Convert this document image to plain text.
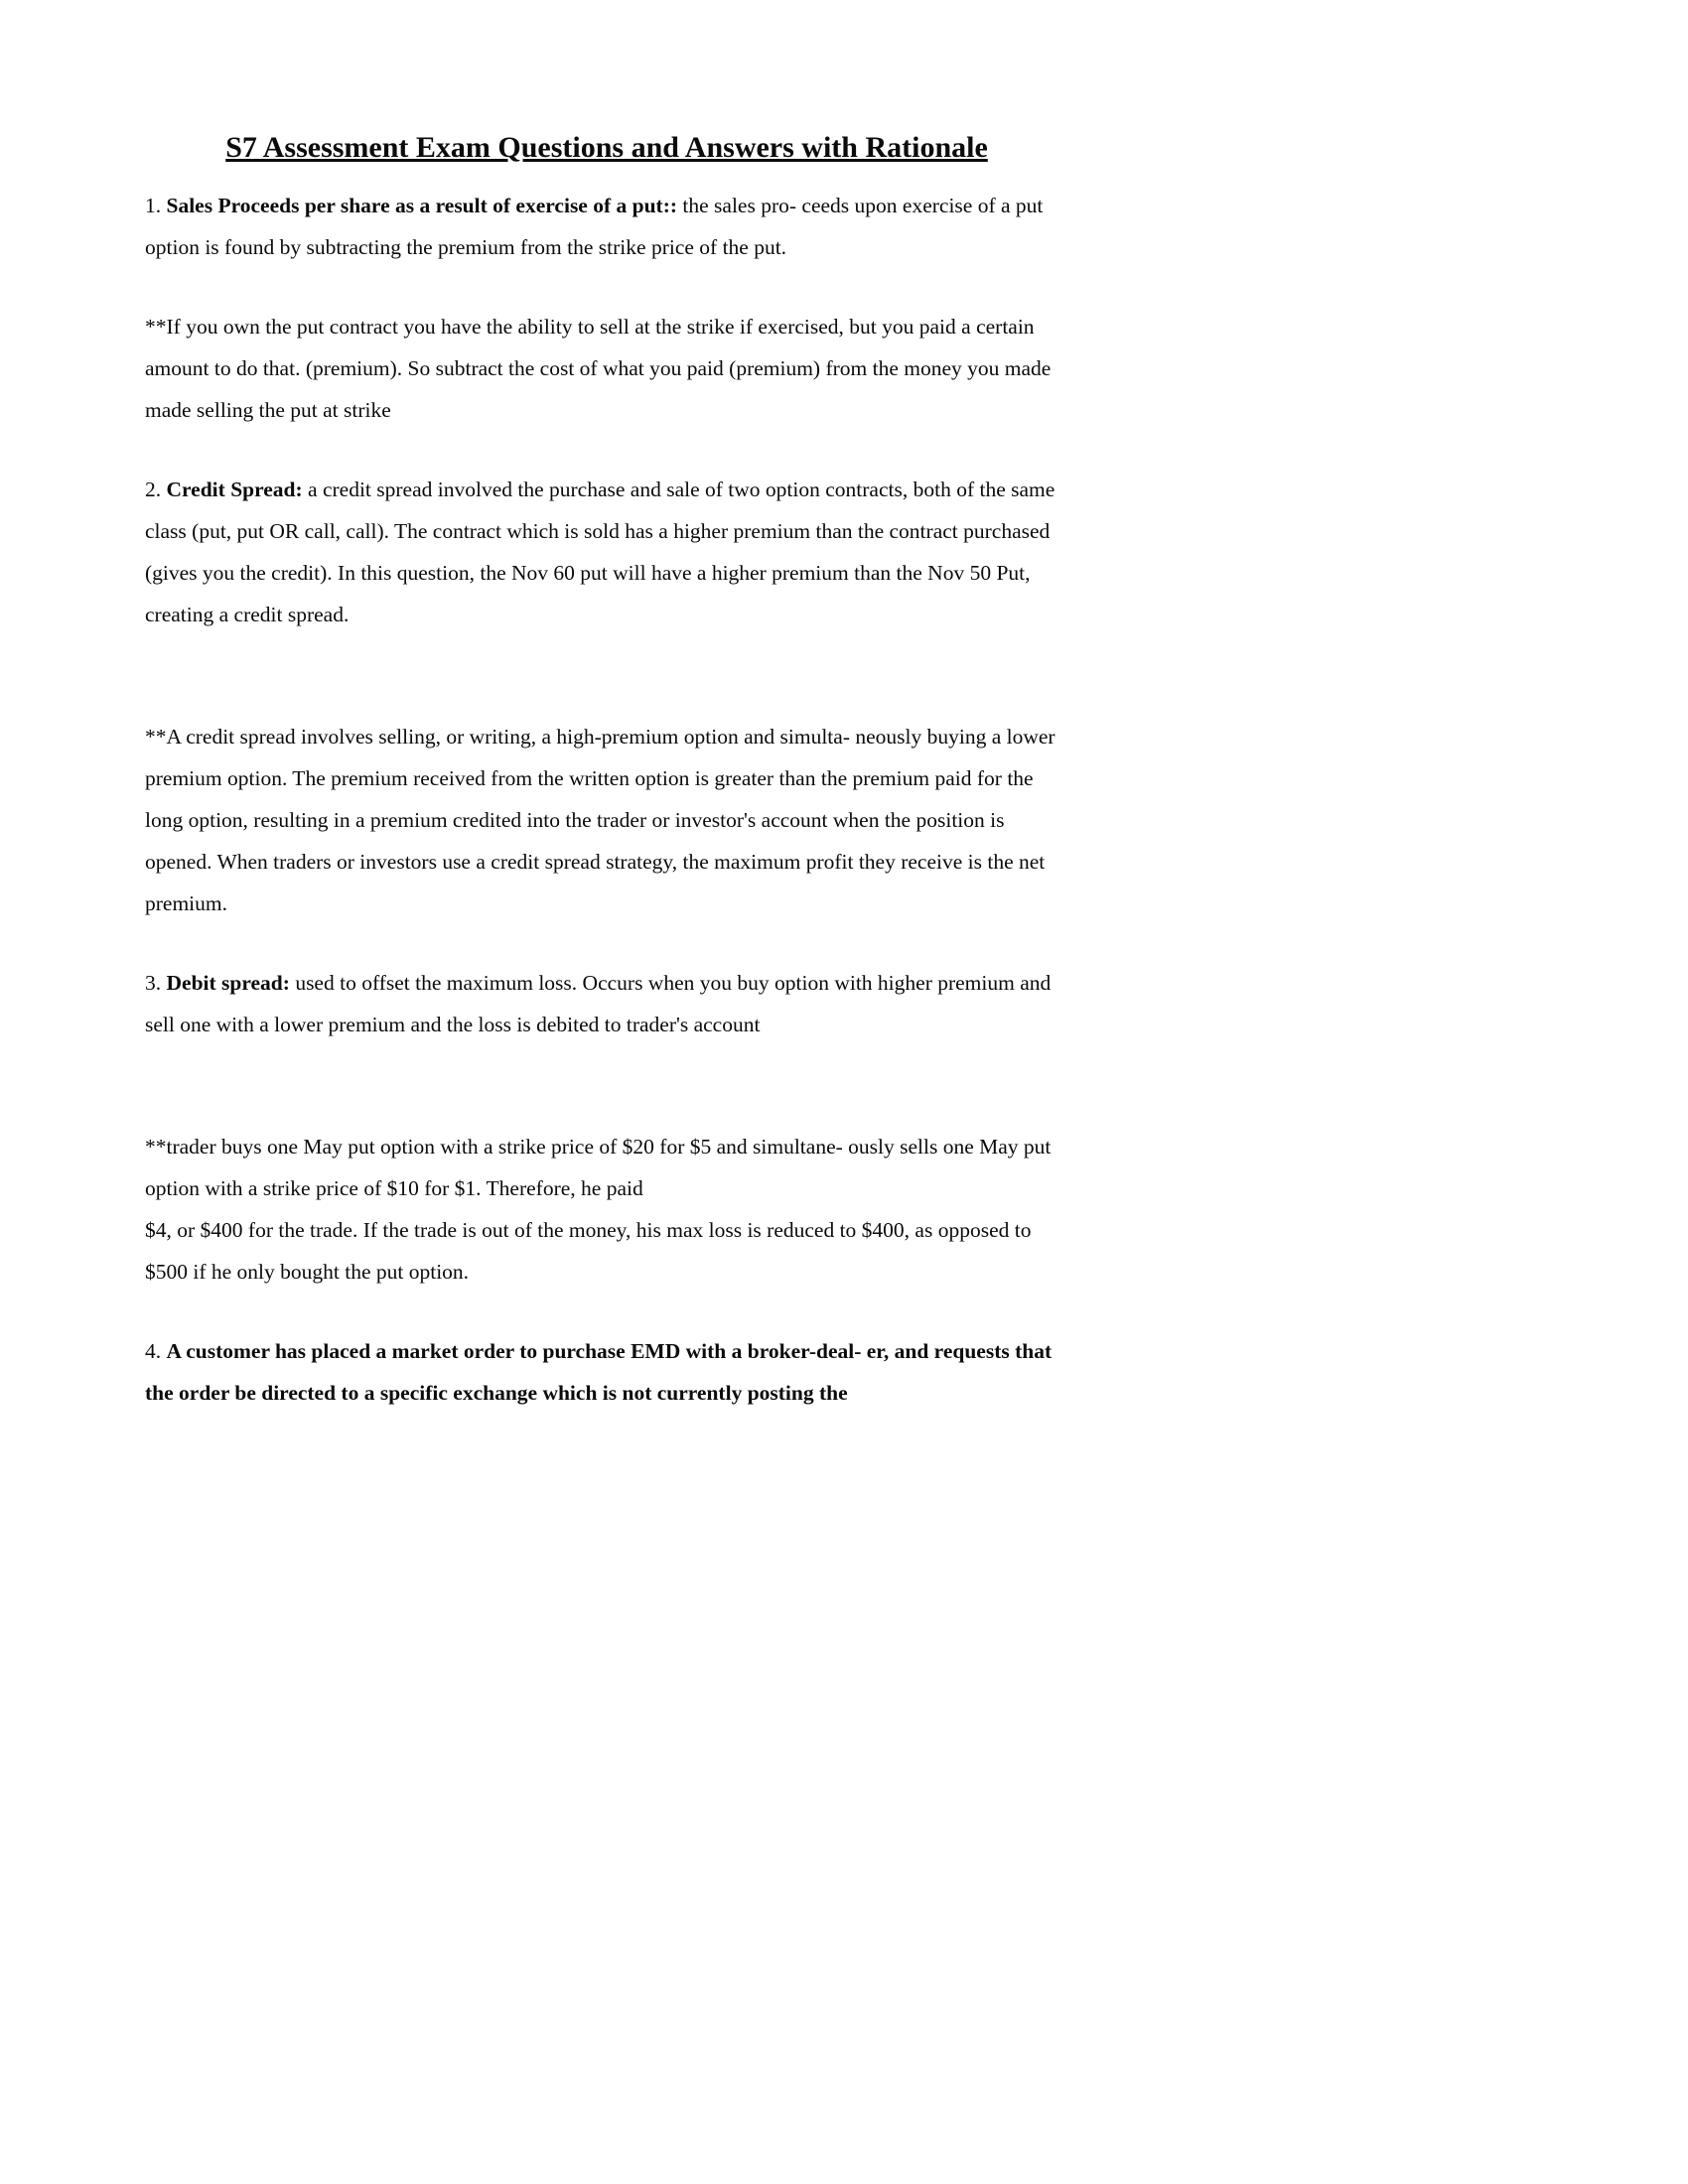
S7 Assessment Exam Questions and Answers with Rationale

1. Sales Proceeds per share as a result of exercise of a put:: the sales pro- ceeds upon exercise of a put option is found by subtracting the premium from the strike price of the put.

**If you own the put contract you have the ability to sell at the strike if exercised, but you paid a certain amount to do that. (premium). So subtract the cost of what you paid (premium) from the money you made made selling the put at strike

2. Credit Spread: a credit spread involved the purchase and sale of two option contracts, both of the same class (put, put OR call, call). The contract which is sold has a higher premium than the contract purchased (gives you the credit). In this question, the Nov 60 put will have a higher premium than the Nov 50 Put, creating a credit spread.

**A credit spread involves selling, or writing, a high-premium option and simulta- neously buying a lower premium option. The premium received from the written option is greater than the premium paid for the long option, resulting in a premium credited into the trader or investor's account when the position is opened. When traders or investors use a credit spread strategy, the maximum profit they receive is the net premium.

3. Debit spread: used to offset the maximum loss. Occurs when you buy option with higher premium and sell one with a lower premium and the loss is debited to trader's account

**trader buys one May put option with a strike price of $20 for $5 and simultane- ously sells one May put option with a strike price of $10 for $1. Therefore, he paid
$4, or $400 for the trade. If the trade is out of the money, his max loss is reduced to $400, as opposed to $500 if he only bought the put option.

4. A customer has placed a market order to purchase EMD with a broker-deal- er, and requests that the order be directed to a specific exchange which is not currently posting the
